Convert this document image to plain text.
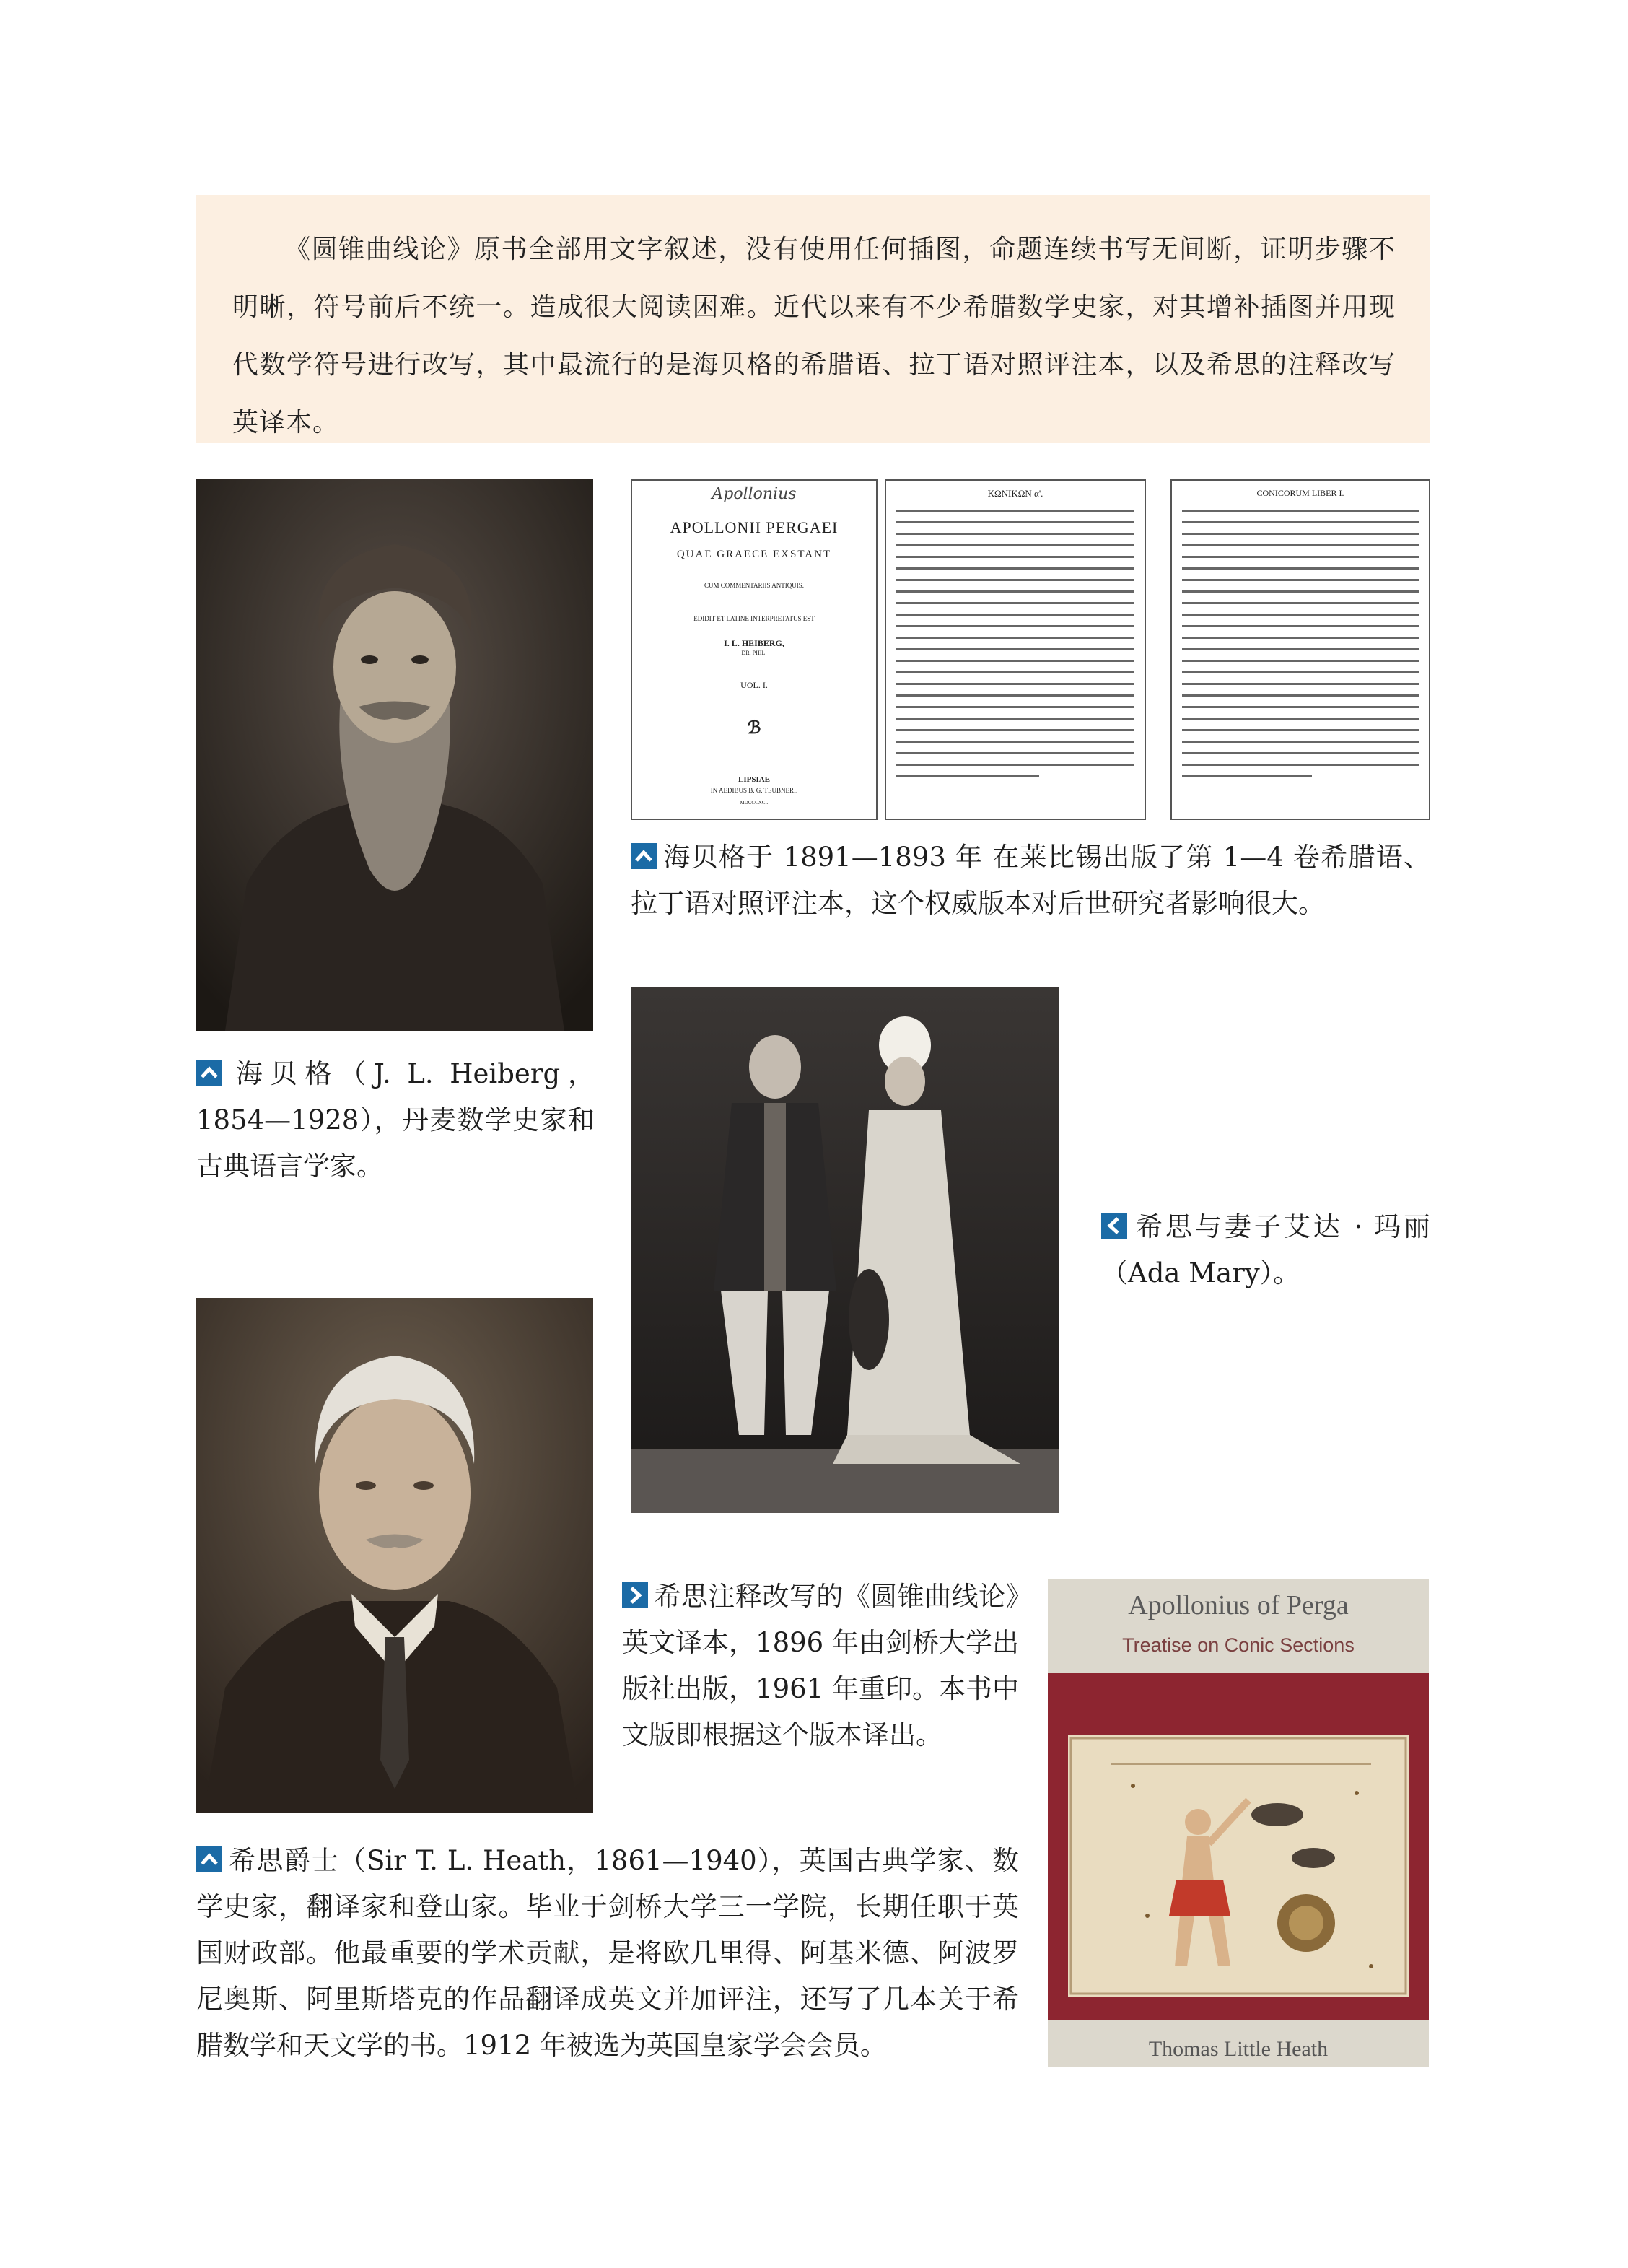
《圆锥曲线论》原书全部用文字叙述，没有使用任何插图，命题连续书写无间断，证明步骤不明晰，符号前后不统一。造成很大阅读困难。近代以来有不少希腊数学史家，对其增补插图并用现代数学符号进行改写，其中最流行的是海贝格的希腊语、拉丁语对照评注本，以及希思的注释改写英译本。

Apollonius
APOLLONII PERGAEI
QUAE GRAECE EXSTANT
CUM COMMENTARIIS ANTIQUIS.
EDIDIT ET LATINE INTERPRETATUS EST
I. L. HEIBERG,
DR. PHIL.
UOL. I.
ℬ
LIPSIAE
IN AEDIBUS B. G. TEUBNERI.
MDCCCXCI.
ΚΩΝΙΚΩΝ α'.	CONICORUM LIBER I.

海贝格于 1891—1893 年 在莱比锡出版了第 1—4 卷希腊语、拉丁语对照评注本，这个权威版本对后世研究者影响很大。

海贝格（J. L. Heiberg，1854—1928），丹麦数学史家和古典语言学家。

希思与妻子艾达 · 玛丽（Ada Mary）。

希思注释改写的《圆锥曲线论》英文译本，1896 年由剑桥大学出版社出版，1961 年重印。本书中文版即根据这个版本译出。

Apollonius of Perga
Treatise on Conic Sections
Thomas Little Heath

希思爵士（Sir T. L. Heath，1861—1940），英国古典学家、数学史家，翻译家和登山家。毕业于剑桥大学三一学院，长期任职于英国财政部。他最重要的学术贡献，是将欧几里得、阿基米德、阿波罗尼奥斯、阿里斯塔克的作品翻译成英文并加评注，还写了几本关于希腊数学和天文学的书。1912 年被选为英国皇家学会会员。
